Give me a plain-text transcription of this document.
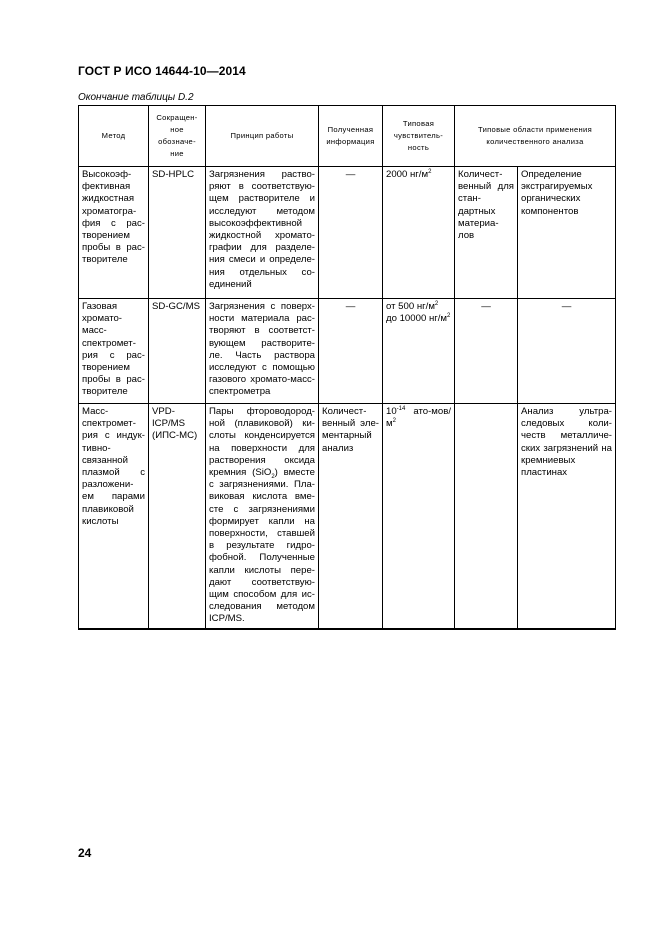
ГОСТ Р ИСО 14644-10—2014
Окончание таблицы D.2
Метод	Сокращен-ное обозначе-ние	Принцип работы	Полученная информация	Типовая чувствитель-ность	Типовые области применения количественного анализа	
Высокоэф-фективная жидкостная хроматогра-фия с рас-творением пробы в рас-творителе	SD-HPLC	Загрязнения раство-ряют в соответствую-щем растворителе и исследуют методом высокоэффективной жидкостной хромато-графии для разделе-ния смеси и определе-ния отдельных со-единений	—	2000 $нг/м^2$	Количест-венный для стан-дартных материа-лов	Определение экстрагируемых органических компонентов
Газовая хромато-масс-спектромет-рия с рас-творением пробы в рас-творителе	SD-GC/MS	Загрязнения с поверх-ности материала рас-творяют в соответст-вующем растворите-ле. Часть раствора исследуют с помощью газового хромато-масс-спектрометра	—	от 500 $нг/м^2$ до 10000 $нг/м^2$	—	—
Масс-спектромет-рия с индук-тивно-связанной плазмой с разложени-ем парами плавиковой кислоты	VPD-ICP/MS (ИПС-МС)	Пары фтороводород-ной (плавиковой) ки-слоты конденсируется на поверхности для растворения оксида кремния (SiO$_2$) вместе с загрязнениями. Пла-виковая кислота вме-сте с загрязнениями формирует капли на поверхности, ставшей в результате гидро-фобной. Полученные капли кислоты пере-дают соответствую-щим способом для ис-следования методом ICP/MS.	Количест-венный эле-ментарный анализ	$10^{-14}$ ато-$мов/м^2$		Анализ ультра-следовых коли-честв металличе-ских загрязнений на кремниевых пластинах
24
